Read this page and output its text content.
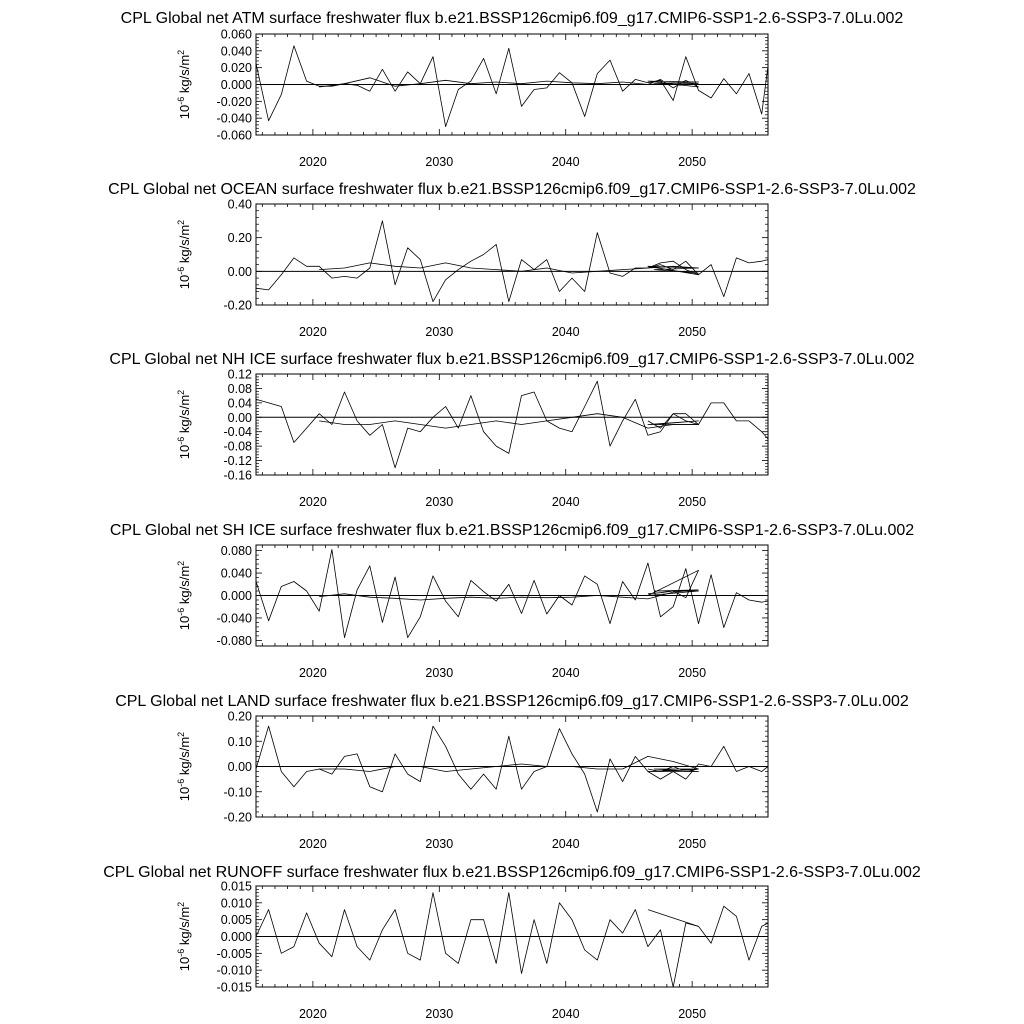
CPL Global net ATM surface freshwater flux b.e21.BSSP126cmip6.f09_g17.CMIP6-SSP1-2.6-SSP3-7.0Lu.002
2020	2030	2040	2050
-0.060
-0.040
-0.020
0.000
0.020
0.040
0.060
$10^{-6}$ $kg/s/m^2$
CPL Global net OCEAN surface freshwater flux b.e21.BSSP126cmip6.f09_g17.CMIP6-SSP1-2.6-SSP3-7.0Lu.002
2020	2030	2040	2050
-0.20
0.00
0.20
0.40
$10^{-6}$ $kg/s/m^2$
CPL Global net NH ICE surface freshwater flux b.e21.BSSP126cmip6.f09_g17.CMIP6-SSP1-2.6-SSP3-7.0Lu.002
2020	2030	2040	2050
-0.16
-0.12
-0.08
-0.04
0.00
0.04
0.08
0.12
$10^{-6}$ $kg/s/m^2$
CPL Global net SH ICE surface freshwater flux b.e21.BSSP126cmip6.f09_g17.CMIP6-SSP1-2.6-SSP3-7.0Lu.002
2020	2030	2040	2050
-0.080
-0.040
0.000
0.040
0.080
$10^{-6}$ $kg/s/m^2$
CPL Global net LAND surface freshwater flux b.e21.BSSP126cmip6.f09_g17.CMIP6-SSP1-2.6-SSP3-7.0Lu.002
2020	2030	2040	2050
-0.20
-0.10
0.00
0.10
0.20
$10^{-6}$ $kg/s/m^2$
CPL Global net RUNOFF surface freshwater flux b.e21.BSSP126cmip6.f09_g17.CMIP6-SSP1-2.6-SSP3-7.0Lu.002
2020	2030	2040	2050
-0.015
-0.010
-0.005
0.000
0.005
0.010
0.015
$10^{-6}$ $kg/s/m^2$
